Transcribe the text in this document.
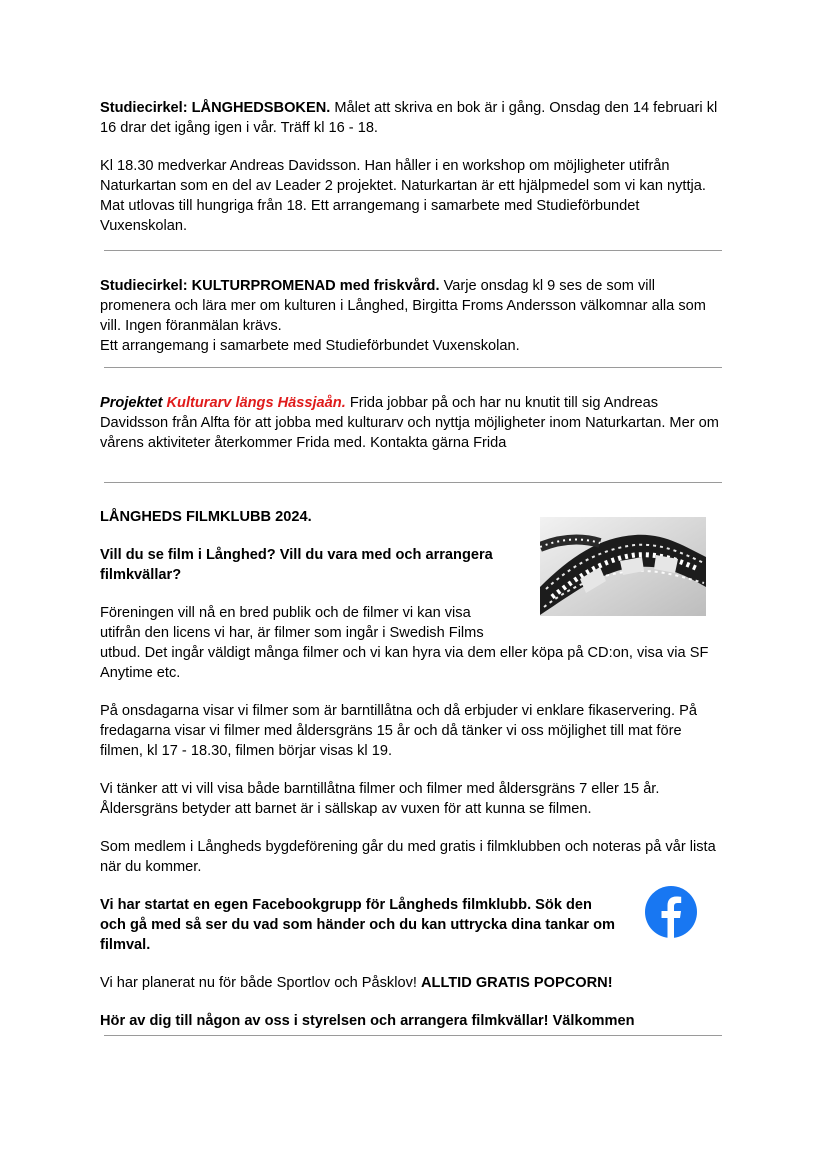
Studiecirkel: LÅNGHEDSBOKEN. Målet att skriva en bok är i gång. Onsdag den 14 februari kl 16 drar det igång igen i vår. Träff kl 16 - 18.

Kl 18.30 medverkar Andreas Davidsson. Han håller i en workshop om möjligheter utifrån Naturkartan som en del av Leader 2 projektet. Naturkartan är ett hjälpmedel som vi kan nyttja. Mat utlovas till hungriga från 18. Ett arrangemang i samarbete med Studieförbundet Vuxenskolan.

Studiecirkel: KULTURPROMENAD med friskvård. Varje onsdag kl 9 ses de som vill promenera och lära mer om kulturen i Långhed, Birgitta Froms Andersson välkomnar alla som vill. Ingen föranmälan krävs.

Ett arrangemang i samarbete med Studieförbundet Vuxenskolan.

Projektet Kulturarv längs Hässjaån. Frida jobbar på och har nu knutit till sig Andreas Davidsson från Alfta för att jobba med kulturarv och nyttja möjligheter inom Naturkartan. Mer om vårens aktiviteter återkommer Frida med. Kontakta gärna Frida

LÅNGHEDS FILMKLUBB 2024.

Vill du se film i Långhed? Vill du vara med och arrangera filmkvällar?

Föreningen vill nå en bred publik och de filmer vi kan visa
utifrån den licens vi har, är filmer som ingår i Swedish Films
utbud. Det ingår väldigt många filmer och vi kan hyra via dem eller köpa på CD:on, visa via SF Anytime etc.

På onsdagarna visar vi filmer som är barntillåtna och då erbjuder vi enklare fikaservering. På fredagarna visar vi filmer med åldersgräns 15 år och då tänker vi oss möjlighet till mat före filmen, kl 17 - 18.30, filmen börjar visas kl 19.

Vi tänker att vi vill visa både barntillåtna filmer och filmer med åldersgräns 7 eller 15 år. Åldersgräns betyder att barnet är i sällskap av vuxen för att kunna se filmen.

Som medlem i Långheds bygdeförening går du med gratis i filmklubben och noteras på vår lista när du kommer.

Vi har startat en egen Facebookgrupp för Långheds filmklubb. Sök den och gå med så ser du vad som händer och du kan uttrycka dina tankar om filmval.

Vi har planerat nu för både Sportlov och Påsklov! ALLTID GRATIS POPCORN!

Hör av dig till någon av oss i styrelsen och arrangera filmkvällar! Välkommen
